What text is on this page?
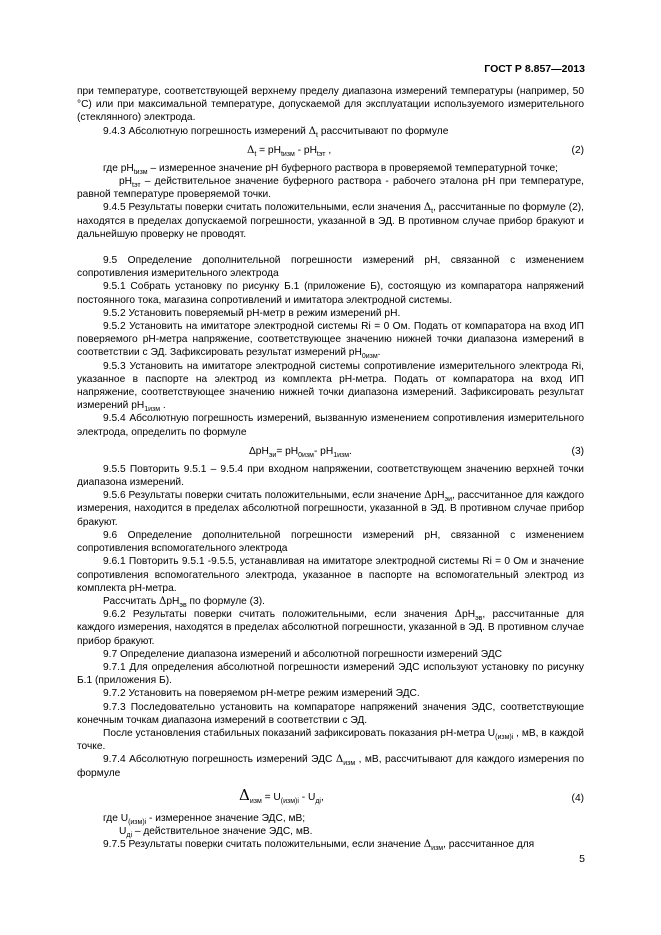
ГОСТ Р 8.857—2013

при температуре, соответствующей верхнему пределу диапазона измерений температуры (например, 50 °С) или при максимальной температуре, допускаемой для эксплуатации используемого измерительного (стеклянного) электрода.

9.4.3 Абсолютную погрешность измерений $\Delta_t$ рассчитывают по формуле

$\Delta_t = pH_{tизм} - pH_{tэт}$ ,	(2)

где $pH_{tизм}$ – измеренное значение pH буферного раствора в проверяемой температурной точке;

$pH_{tэт}$ – действительное значение буферного раствора - рабочего эталона pH при температуре, равной температуре проверяемой точки.

9.4.5 Результаты поверки считать положительными, если значения $\Delta_t$, рассчитанные по формуле (2), находятся в пределах допускаемой погрешности, указанной в ЭД. В противном случае прибор бракуют и дальнейшую проверку не проводят.

9.5 Определение дополнительной погрешности измерений pH, связанной с изменением сопротивления измерительного электрода

9.5.1 Собрать установку по рисунку Б.1 (приложение Б), состоящую из компаратора напряжений постоянного тока, магазина сопротивлений и имитатора электродной системы.

9.5.2 Установить поверяемый pH-метр в режим измерений pH.

9.5.2 Установить на имитаторе электродной системы Ri = 0 Ом. Подать от компаратора на вход ИП поверяемого pH-метра напряжение, соответствующее значению нижней точки диапазона измерений в соответствии с ЭД. Зафиксировать результат измерений $pH_{0изм}$.

9.5.3 Установить на имитаторе электродной системы сопротивление измерительного электрода Ri, указанное в паспорте на электрод из комплекта pH-метра. Подать от компаратора на вход ИП напряжение, соответствующее значению нижней точки диапазона измерений. Зафиксировать результат измерений $pH_{1изм}$ .

9.5.4 Абсолютную погрешность измерений, вызванную изменением сопротивления измерительного электрода, определить по формуле

$\Delta pH_{эи}= pH_{0изм}-$ $pH_{1изм}$.	(3)

9.5.5 Повторить 9.5.1 – 9.5.4 при входном напряжении, соответствующем значению верхней точки диапазона измерений.

9.5.6 Результаты поверки считать положительными, если значение ΔpH$_{эи}$, рассчитанное для каждого измерения, находится в пределах абсолютной погрешности, указанной в ЭД. В противном случае прибор бракуют.

9.6 Определение дополнительной погрешности измерений pH, связанной с изменением сопротивления вспомогательного электрода

9.6.1 Повторить 9.5.1 -9.5.5, устанавливая на имитаторе электродной системы Ri = 0 Ом и значение сопротивления вспомогательного электрода, указанное в паспорте на вспомогательный электрод из комплекта pH-метра.

Рассчитать ΔpH$_{эв}$ по формуле (3).

9.6.2 Результаты поверки считать положительными, если значения ΔpH$_{эв}$, рассчитанные для каждого измерения, находятся в пределах абсолютной погрешности, указанной в ЭД. В противном случае прибор бракуют.

9.7 Определение диапазона измерений и абсолютной погрешности измерений ЭДС

9.7.1 Для определения абсолютной погрешности измерений ЭДС используют установку по рисунку Б.1 (приложения Б).

9.7.2 Установить на поверяемом pH-метре режим измерений ЭДС.

9.7.3 Последовательно установить на компараторе напряжений значения ЭДС, соответствующие конечным точкам диапазона измерений в соответствии с ЭД.

После установления стабильных показаний зафиксировать показания pH-метра $U_{(изм)i}$ , мВ, в каждой точке.

9.7.4 Абсолютную погрешность измерений ЭДС $\Delta_{изм}$ , мВ, рассчитывают для каждого измерения по формуле

$\Delta_{изм} = U_{(изм)i} - U_{дi}$,	(4)

где $U_{(изм)i}$ - измеренное значение ЭДС, мВ;

$U_{дi}$ – действительное значение ЭДС, мВ.

9.7.5 Результаты поверки считать положительными, если значение $\Delta_{изм}$, рассчитанное для

5
